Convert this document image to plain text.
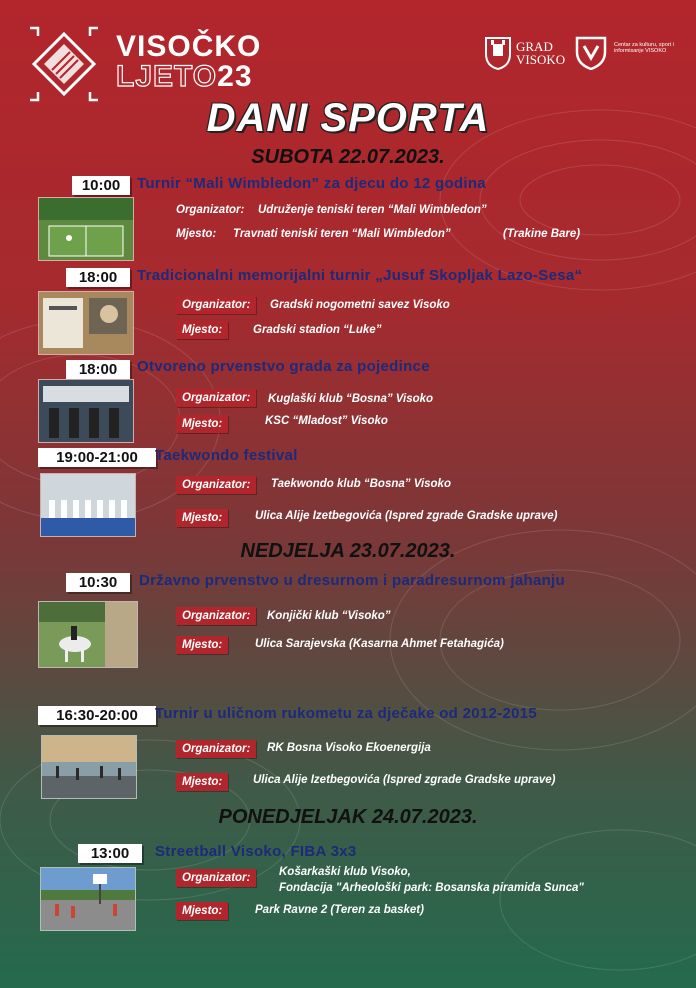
VISOČKO
LJETO23
GRAD VISOKO
Centar za kulturu, sport i informisanje VISOKO
DANI SPORTA
SUBOTA 22.07.2023.
10:00	Turnir “Mali Wimbledon” za djecu do 12 godina
Organizator: Udruženje teniski teren “Mali Wimbledon”
Mjesto: Travnati teniski teren “Mali Wimbledon”	(Trakine Bare)
18:00	Tradicionalni memorijalni turnir „Jusuf Skopljak Lazo-Sesa“
Organizator:	Gradski nogometni savez Visoko
Mjesto:	Gradski stadion “Luke”
18:00	Otvoreno prvenstvo grada za pojedince
Organizator:	Kuglaški klub “Bosna” Visoko
Mjesto:	KSC “Mladost” Visoko
19:00-21:00	Taekwondo festival
Organizator:	Taekwondo klub “Bosna” Visoko
Mjesto:	Ulica Alije Izetbegovića (Ispred zgrade Gradske uprave)
NEDJELJA 23.07.2023.
10:30	Državno prvenstvo u dresurnom i paradresurnom jahanju
Organizator:	Konjički klub “Visoko”
Mjesto:	Ulica Sarajevska (Kasarna Ahmet Fetahagića)
16:30-20:00	Turnir u uličnom rukometu za dječake od 2012-2015
Organizator:	RK Bosna Visoko Ekoenergija
Mjesto:	Ulica Alije Izetbegovića (Ispred zgrade Gradske uprave)
PONEDJELJAK 24.07.2023.
13:00	Streetball Visoko, FIBA 3x3
Organizator:	Košarkaški klub Visoko,
Fondacija "Arheološki park: Bosanska piramida Sunca"
Mjesto:	Park Ravne 2 (Teren za basket)
